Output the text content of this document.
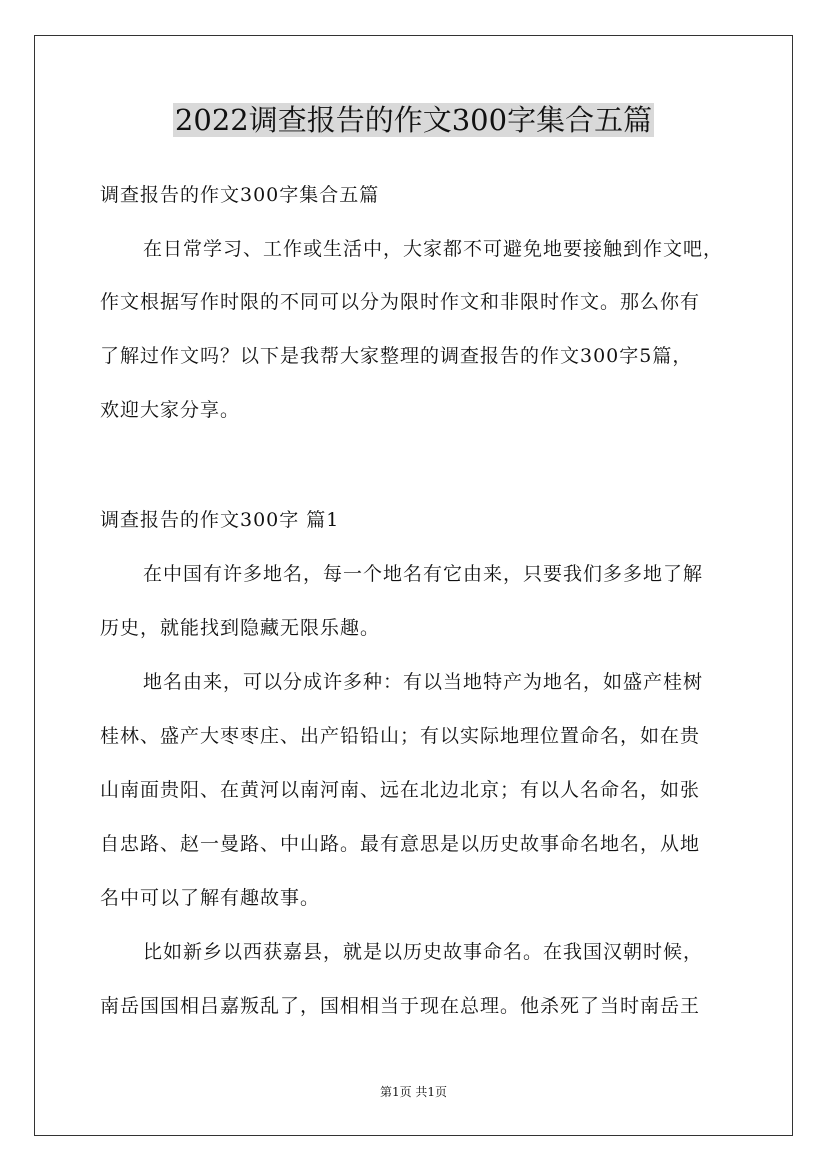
2022调查报告的作文300字集合五篇
调查报告的作文300字集合五篇
在日常学习、工作或生活中，大家都不可避免地要接触到作文吧，
作文根据写作时限的不同可以分为限时作文和非限时作文。那么你有
了解过作文吗？以下是我帮大家整理的调查报告的作文300字5篇，
欢迎大家分享。
调查报告的作文300字 篇1
在中国有许多地名，每一个地名有它由来，只要我们多多地了解
历史，就能找到隐藏无限乐趣。
地名由来，可以分成许多种：有以当地特产为地名，如盛产桂树
桂林、盛产大枣枣庄、出产铅铅山；有以实际地理位置命名，如在贵
山南面贵阳、在黄河以南河南、远在北边北京；有以人名命名，如张
自忠路、赵一曼路、中山路。最有意思是以历史故事命名地名，从地
名中可以了解有趣故事。
比如新乡以西获嘉县，就是以历史故事命名。在我国汉朝时候，
南岳国国相吕嘉叛乱了，国相相当于现在总理。他杀死了当时南岳王
第1页 共1页
